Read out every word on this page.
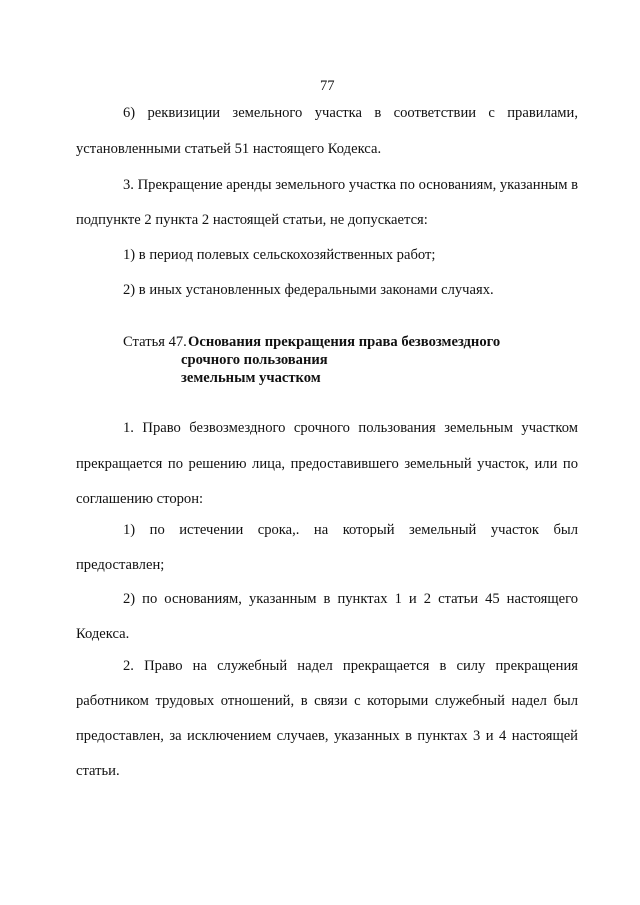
77
6) реквизиции земельного участка в соответствии с правилами,
установленными статьей 51 настоящего Кодекса.
3. Прекращение аренды земельного участка по основаниям, указанным в
подпункте 2 пункта 2 настоящей статьи, не допускается:
1) в период полевых сельскохозяйственных работ;
2) в иных установленных федеральными законами случаях.
Статья 47. Основания прекращения права безвозмездного
срочного пользования
земельным участком
1. Право безвозмездного срочного пользования земельным участком
прекращается по решению лица, предоставившего земельный участок, или по
соглашению сторон:
1) по истечении срока,. на который земельный участок был
предоставлен;
2) по основаниям, указанным в пунктах 1 и 2 статьи 45 настоящего
Кодекса.
2. Право на служебный надел прекращается в силу прекращения
работником трудовых отношений, в связи с которыми служебный надел был
предоставлен, за исключением случаев, указанных в пунктах 3 и 4 настоящей
статьи.
